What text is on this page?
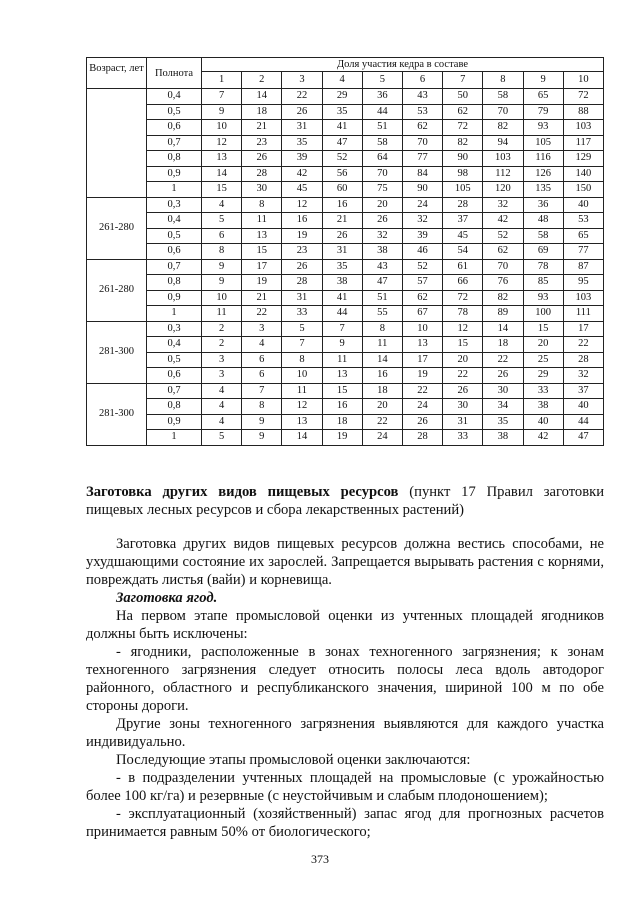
Возраст, лет	Полнота	Доля участия кедра в составе									
		1	2	3	4	5	6	7	8	9	10
	0,4	7	14	22	29	36	43	50	58	65	72
	0,5	9	18	26	35	44	53	62	70	79	88
	0,6	10	21	31	41	51	62	72	82	93	103
	0,7	12	23	35	47	58	70	82	94	105	117
	0,8	13	26	39	52	64	77	90	103	116	129
	0,9	14	28	42	56	70	84	98	112	126	140
	1	15	30	45	60	75	90	105	120	135	150
261-280	0,3	4	8	12	16	20	24	28	32	36	40
	0,4	5	11	16	21	26	32	37	42	48	53
	0,5	6	13	19	26	32	39	45	52	58	65
	0,6	8	15	23	31	38	46	54	62	69	77
261-280	0,7	9	17	26	35	43	52	61	70	78	87
	0,8	9	19	28	38	47	57	66	76	85	95
	0,9	10	21	31	41	51	62	72	82	93	103
	1	11	22	33	44	55	67	78	89	100	111
281-300	0,3	2	3	5	7	8	10	12	14	15	17
	0,4	2	4	7	9	11	13	15	18	20	22
	0,5	3	6	8	11	14	17	20	22	25	28
	0,6	3	6	10	13	16	19	22	26	29	32
281-300	0,7	4	7	11	15	18	22	26	30	33	37
	0,8	4	8	12	16	20	24	30	34	38	40
	0,9	4	9	13	18	22	26	31	35	40	44
	1	5	9	14	19	24	28	33	38	42	47

Заготовка других видов пищевых ресурсов (пункт 17 Правил заготовки пищевых лесных ресурсов и сбора лекарственных растений)

Заготовка других видов пищевых ресурсов должна вестись способами, не ухудшающими состояние их зарослей. Запрещается вырывать растения с корнями, повреждать листья (вайи) и корневища.

Заготовка ягод.

На первом этапе промысловой оценки из учтенных площадей ягодников должны быть исключены:

- ягодники, расположенные в зонах техногенного загрязнения; к зонам техногенного загрязнения следует относить полосы леса вдоль автодорог районного, областного и республиканского значения, шириной 100 м по обе стороны дороги.

Другие зоны техногенного загрязнения выявляются для каждого участка индивидуально.

Последующие этапы промысловой оценки заключаются:

- в подразделении учтенных площадей на промысловые (с урожайностью более 100 кг/га) и резервные (с неустойчивым и слабым плодоношением);

- эксплуатационный (хозяйственный) запас ягод для прогнозных расчетов принимается равным 50% от биологического;

373
